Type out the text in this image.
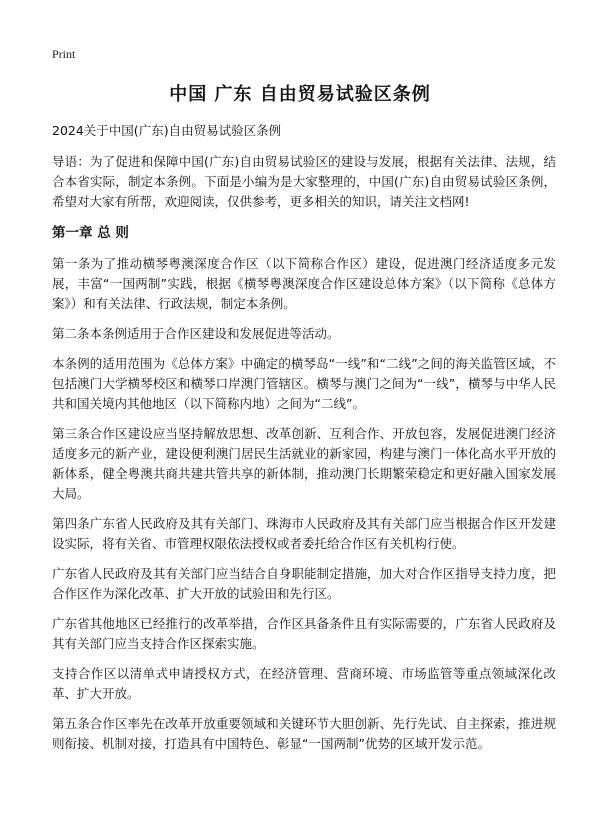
Print
中国 广东 自由贸易试验区条例

2024关于中国(广东)自由贸易试验区条例

导语：为了促进和保障中国(广东)自由贸易试验区的建设与发展，根据有关法律、法规，结合本省实际，制定本条例。下面是小编为是大家整理的，中国(广东)自由贸易试验区条例，希望对大家有所帮，欢迎阅读，仅供参考，更多相关的知识，请关注文档网!

第一章 总 则

第一条为了推动横琴粤澳深度合作区（以下简称合作区）建设，促进澳门经济适度多元发展，丰富“一国两制”实践，根据《横琴粤澳深度合作区建设总体方案》（以下简称《总体方案》）和有关法律、行政法规，制定本条例。

第二条本条例适用于合作区建设和发展促进等活动。

本条例的适用范围为《总体方案》中确定的横琴岛“一线”和“二线”之间的海关监管区域，不包括澳门大学横琴校区和横琴口岸澳门管辖区。横琴与澳门之间为“一线”，横琴与中华人民共和国关境内其他地区（以下简称内地）之间为“二线”。

第三条合作区建设应当坚持解放思想、改革创新、互利合作、开放包容，发展促进澳门经济适度多元的新产业，建设便利澳门居民生活就业的新家园，构建与澳门一体化高水平开放的新体系，健全粤澳共商共建共管共享的新体制，推动澳门长期繁荣稳定和更好融入国家发展大局。

第四条广东省人民政府及其有关部门、珠海市人民政府及其有关部门应当根据合作区开发建设实际，将有关省、市管理权限依法授权或者委托给合作区有关机构行使。

广东省人民政府及其有关部门应当结合自身职能制定措施，加大对合作区指导支持力度，把合作区作为深化改革、扩大开放的试验田和先行区。

广东省其他地区已经推行的改革举措，合作区具备条件且有实际需要的，广东省人民政府及其有关部门应当支持合作区探索实施。

支持合作区以清单式申请授权方式，在经济管理、营商环境、市场监管等重点领域深化改革、扩大开放。

第五条合作区率先在改革开放重要领域和关键环节大胆创新、先行先试、自主探索，推进规则衔接、机制对接，打造具有中国特色、彰显“一国两制”优势的区域开发示范。
